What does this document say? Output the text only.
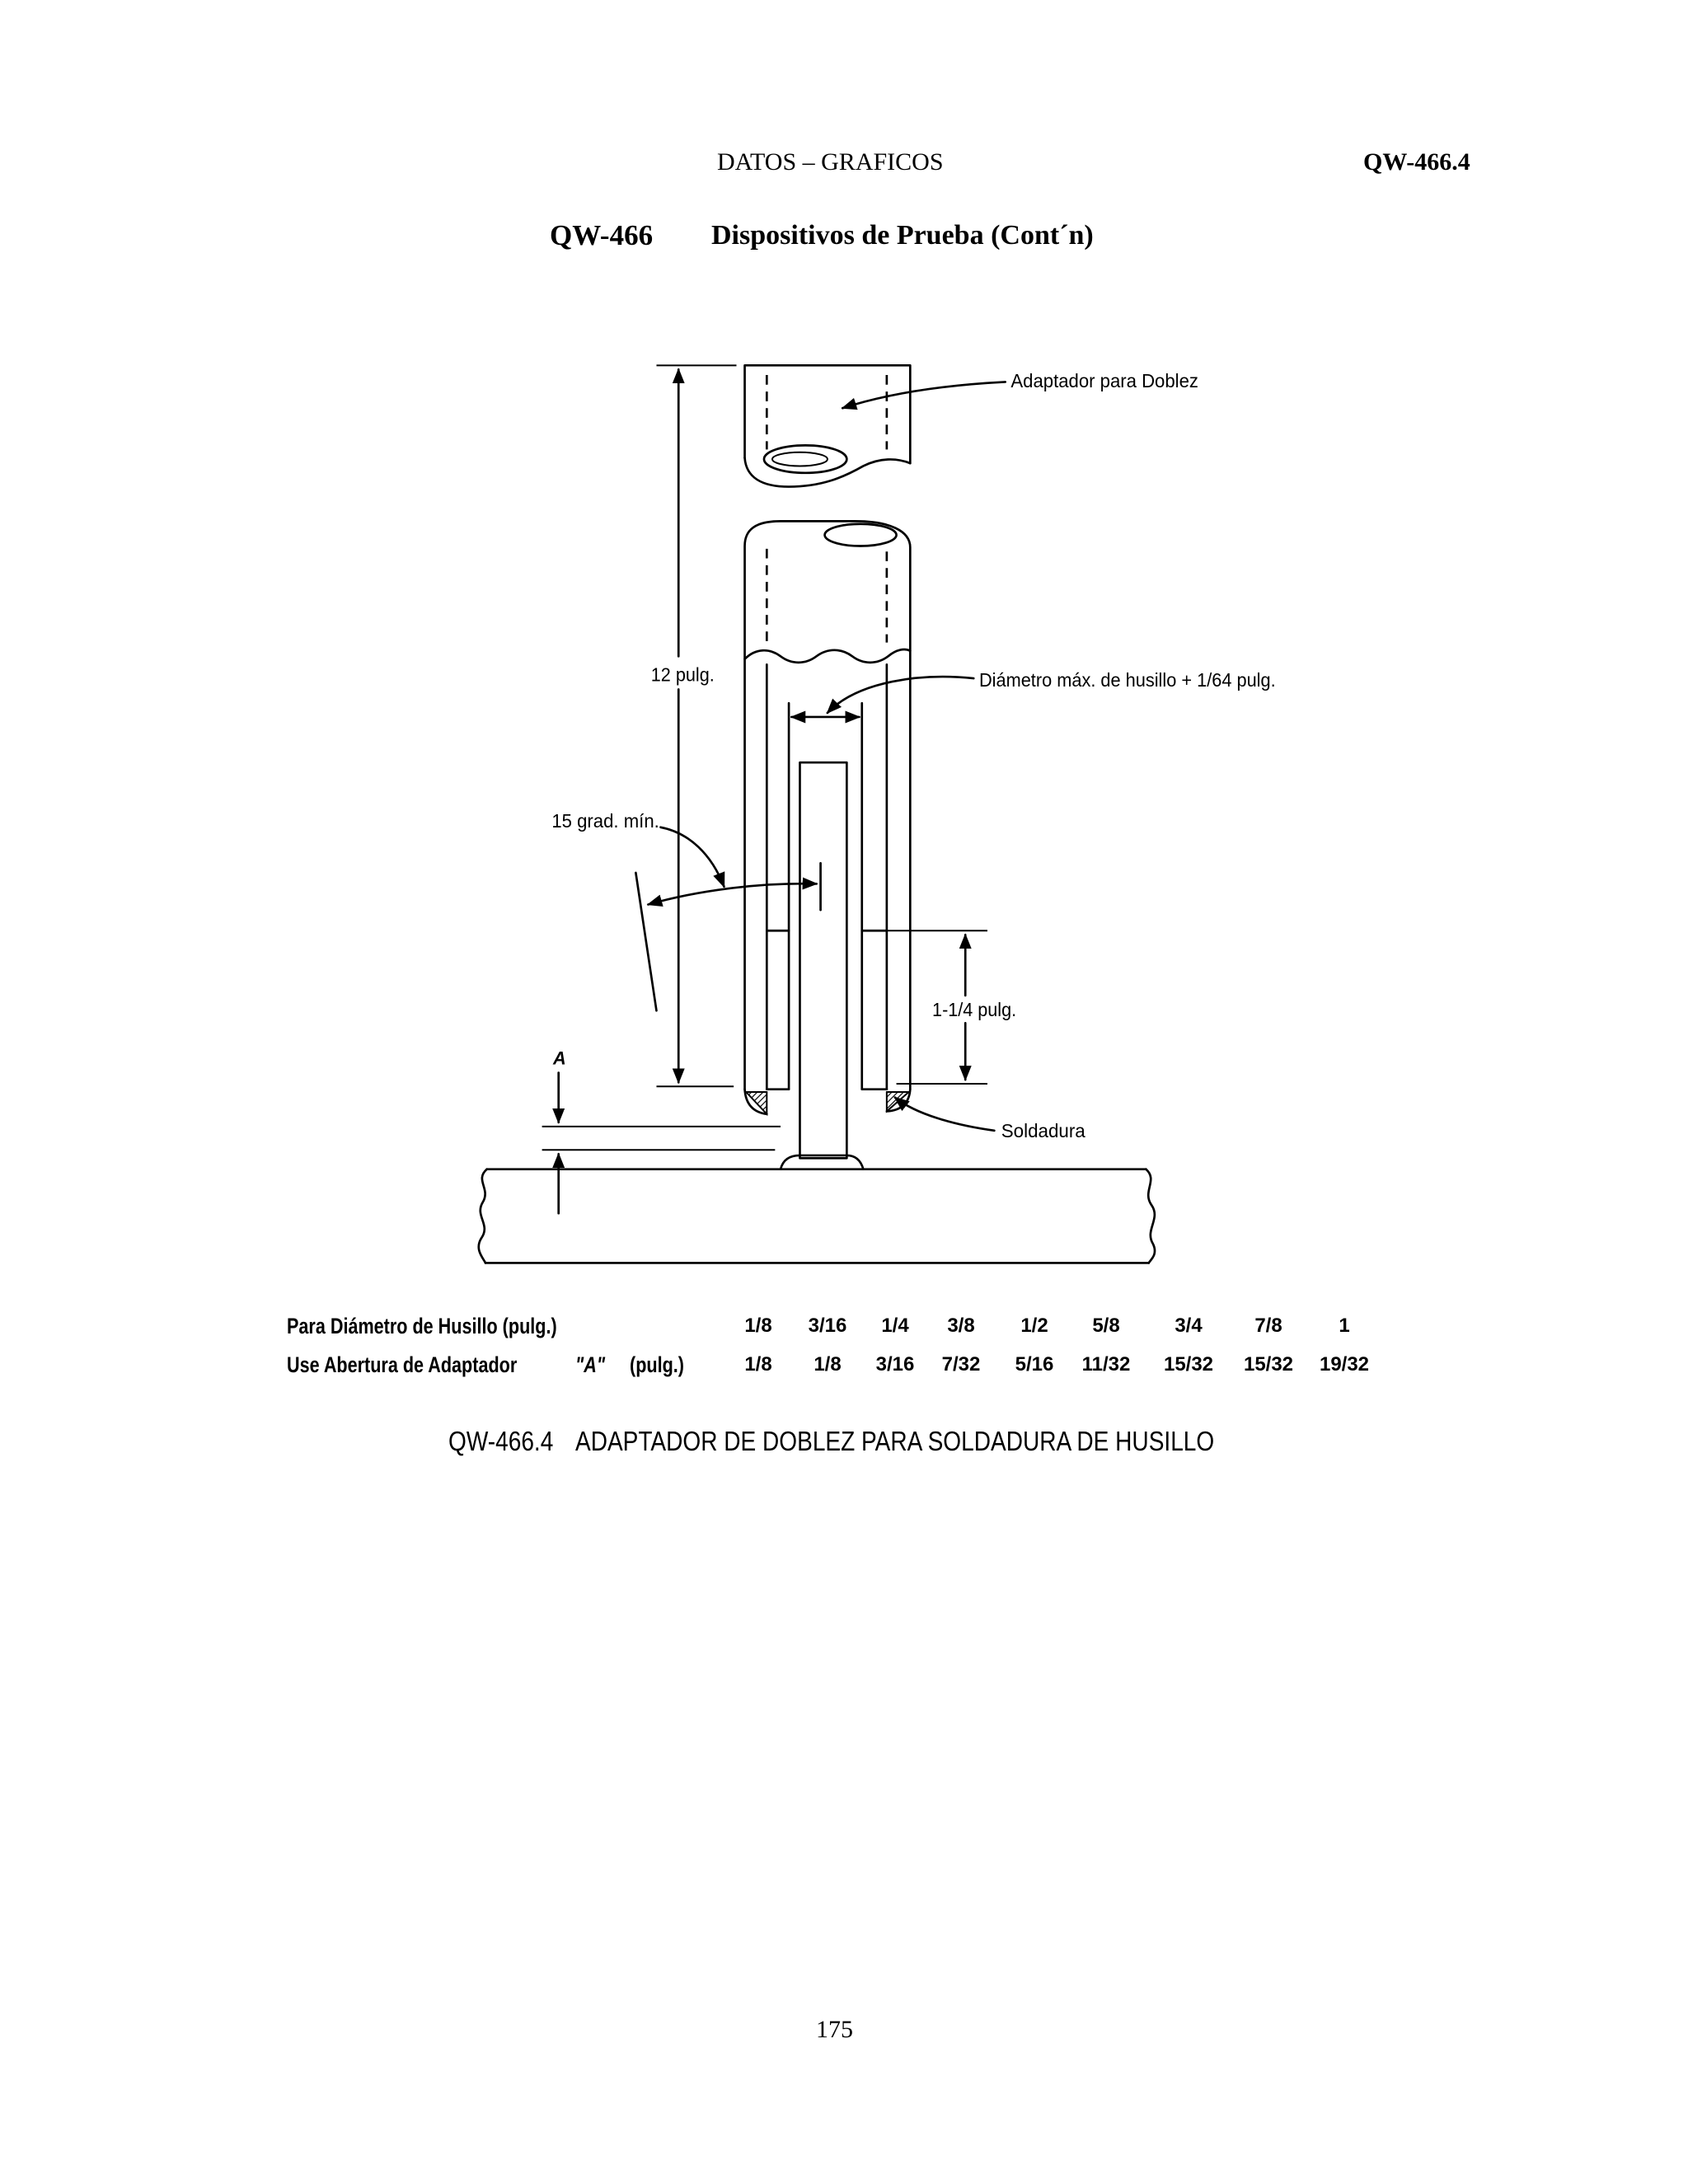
DATOS – GRAFICOS	QW-466.4
QW-466 Dispositivos de Prueba (Cont´n)
Adaptador para Doblez
Diámetro máx. de husillo + 1/64 pulg.
12 pulg.
15 grad. mín.
1-1/4 pulg.
Soldadura
A
Para Diámetro de Husillo (pulg.)	1/8	3/16	1/4	3/8	1/2	5/8	3/4	7/8	1
Use Abertura de Adaptador	"A" (pulg.)	1/8	1/8	3/16	7/32	5/16	11/32	15/32	15/32	19/32
QW-466.4 ADAPTADOR DE DOBLEZ PARA SOLDADURA DE HUSILLO
175
